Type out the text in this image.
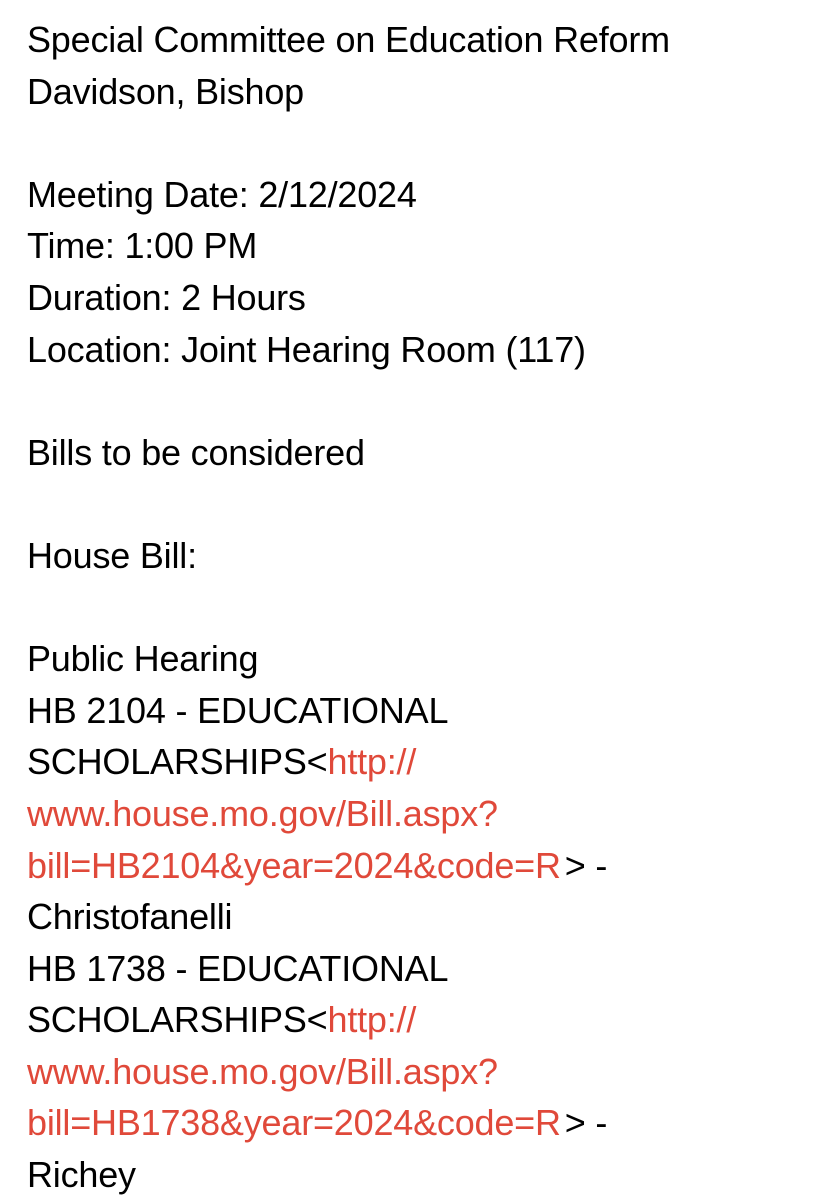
Special Committee on Education Reform
Davidson, Bishop
Meeting Date: 2/12/2024
Time: 1:00 PM
Duration: 2 Hours
Location: Joint Hearing Room (117)
Bills to be considered
House Bill:
Public Hearing
HB 2104 - EDUCATIONAL
SCHOLARSHIPS<http://
www.house.mo.gov/Bill.aspx?
bill=HB2104&year=2024&code=R > -
Christofanelli
HB 1738 - EDUCATIONAL
SCHOLARSHIPS<http://
www.house.mo.gov/Bill.aspx?
bill=HB1738&year=2024&code=R > -
Richey
